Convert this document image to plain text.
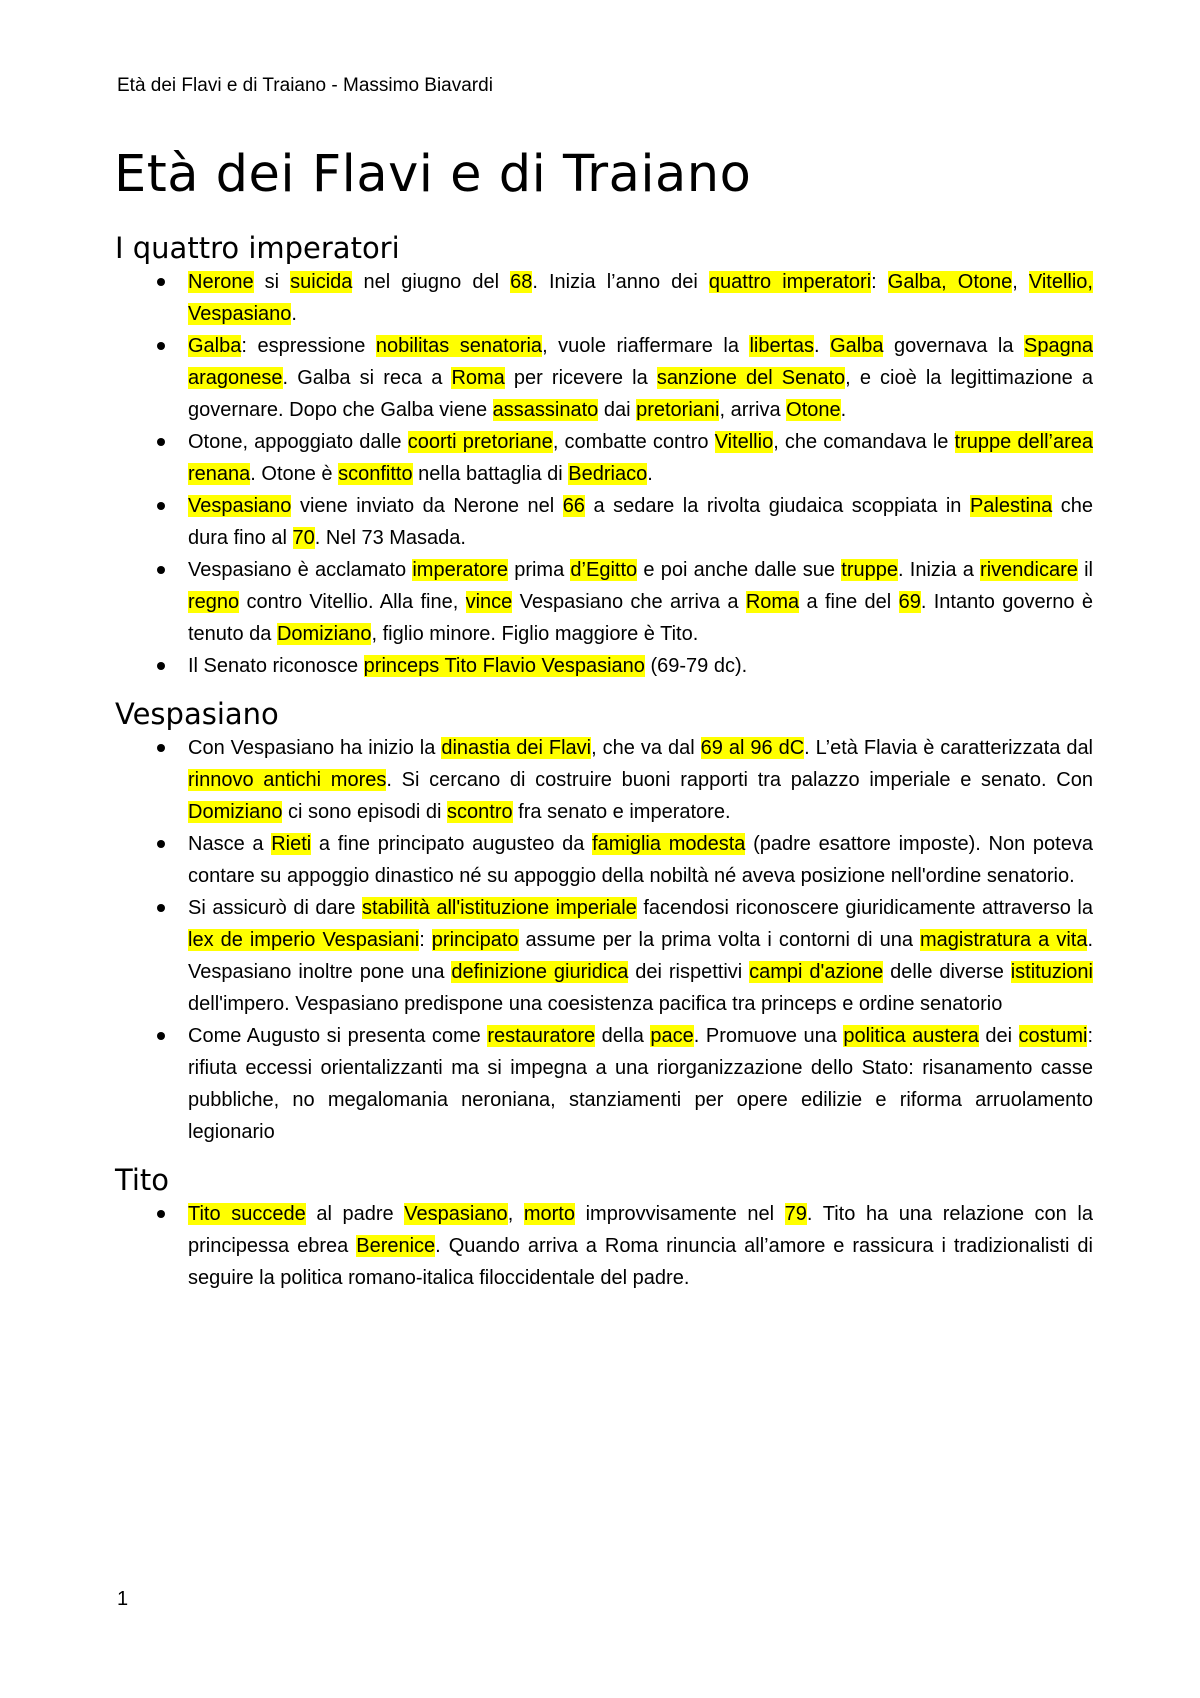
Età dei Flavi e di Traiano - Massimo Biavardi
Età dei Flavi e di Traiano
I quattro imperatori
Nerone si suicida nel giugno del 68. Inizia l’anno dei quattro imperatori: Galba, Otone, Vitellio, Vespasiano.
Galba: espressione nobilitas senatoria, vuole riaffermare la libertas. Galba governava la Spagna aragonese. Galba si reca a Roma per ricevere la sanzione del Senato, e cioè la legittimazione a governare. Dopo che Galba viene assassinato dai pretoriani, arriva Otone.
Otone, appoggiato dalle coorti pretoriane, combatte contro Vitellio, che comandava le truppe dell’area renana. Otone è sconfitto nella battaglia di Bedriaco.
Vespasiano viene inviato da Nerone nel 66 a sedare la rivolta giudaica scoppiata in Palestina che dura fino al 70. Nel 73 Masada.
Vespasiano è acclamato imperatore prima d’Egitto e poi anche dalle sue truppe. Inizia a rivendicare il regno contro Vitellio. Alla fine, vince Vespasiano che arriva a Roma a fine del 69. Intanto governo è tenuto da Domiziano, figlio minore. Figlio maggiore è Tito.
Il Senato riconosce princeps Tito Flavio Vespasiano (69-79 dc).
Vespasiano
Con Vespasiano ha inizio la dinastia dei Flavi, che va dal 69 al 96 dC. L’età Flavia è caratterizzata dal rinnovo antichi mores. Si cercano di costruire buoni rapporti tra palazzo imperiale e senato. Con Domiziano ci sono episodi di scontro fra senato e imperatore.
Nasce a Rieti a fine principato augusteo da famiglia modesta (padre esattore imposte). Non poteva contare su appoggio dinastico né su appoggio della nobiltà né aveva posizione nell'ordine senatorio.
Si assicurò di dare stabilità all'istituzione imperiale facendosi riconoscere giuridicamente attraverso la lex de imperio Vespasiani: principato assume per la prima volta i contorni di una magistratura a vita. Vespasiano inoltre pone una definizione giuridica dei rispettivi campi d'azione delle diverse istituzioni dell'impero. Vespasiano predispone una coesistenza pacifica tra princeps e ordine senatorio
Come Augusto si presenta come restauratore della pace. Promuove una politica austera dei costumi: rifiuta eccessi orientalizzanti ma si impegna a una riorganizzazione dello Stato: risanamento casse pubbliche, no megalomania neroniana, stanziamenti per opere edilizie e riforma arruolamento legionario
Tito
Tito succede al padre Vespasiano, morto improvvisamente nel 79. Tito ha una relazione con la principessa ebrea Berenice. Quando arriva a Roma rinuncia all’amore e rassicura i tradizionalisti di seguire la politica romano-italica filoccidentale del padre.
1
